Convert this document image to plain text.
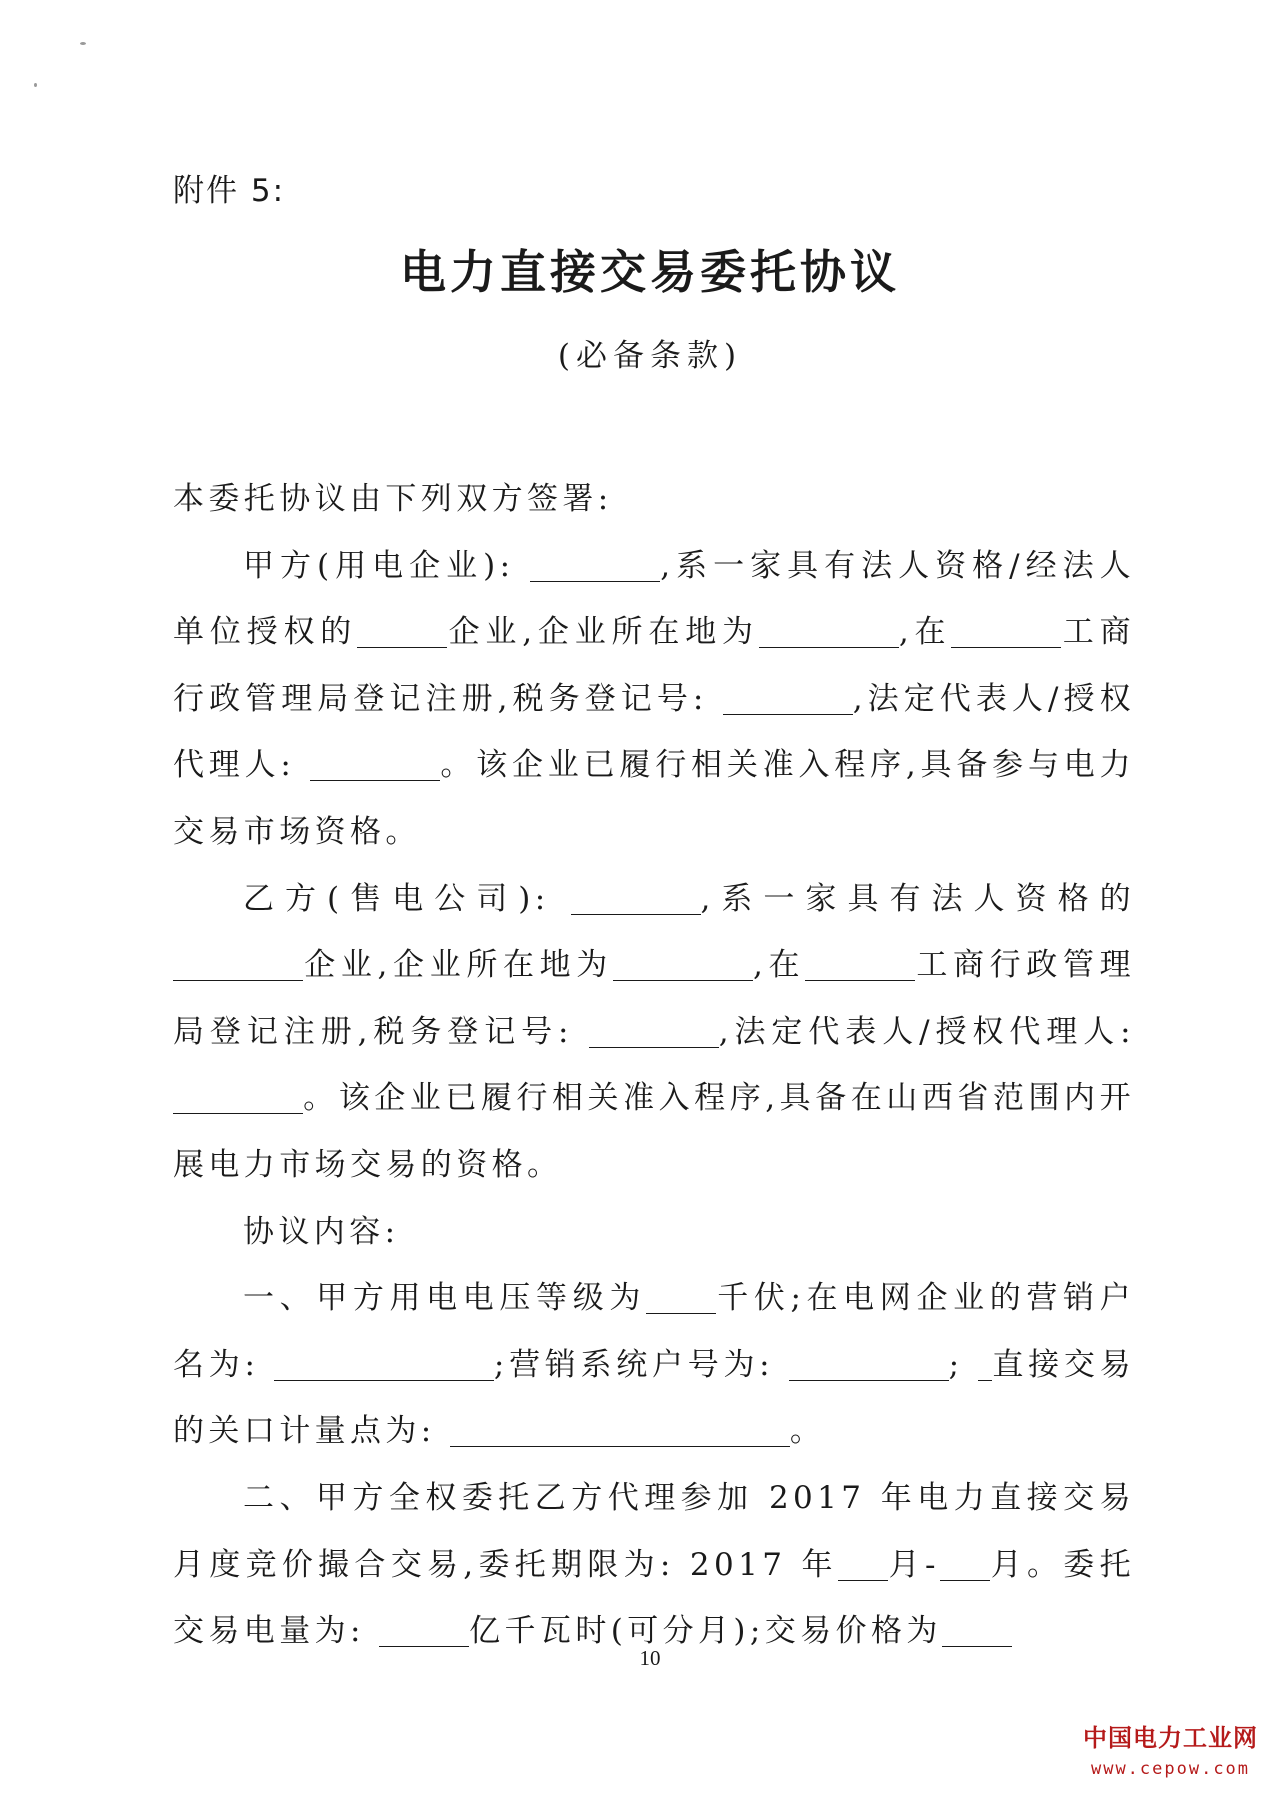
附件 5:
电力直接交易委托协议
(必备条款)

本委托协议由下列双方签署:

甲方(用电企业):	,系一家具有法人资格/经法人单位授权的	企业,企业所在地为	,在	工商行政管理局登记注册,税务登记号:	,法定代表人/授权代理人:	。该企业已履行相关准入程序,具备参与电力交易市场资格。

乙方(售电公司):	,系一家具有法人资格的企业,企业所在地为	,在	工商行政管理局登记注册,税务登记号:	,法定代表人/授权代理人: 。该企业已履行相关准入程序,具备在山西省范围内开展电力市场交易的资格。

协议内容:

一、甲方用电电压等级为 千伏;在电网企业的营销户名为:	;营销系统户号为:	; 直接交易的关口计量点为:	。

二、甲方全权委托乙方代理参加 2017 年电力直接交易月度竞价撮合交易,委托期限为: 2017 年 月- 月。委托交易电量为:	亿千瓦时(可分月);交易价格为

10
中国电力工业网
www.cepow.com
